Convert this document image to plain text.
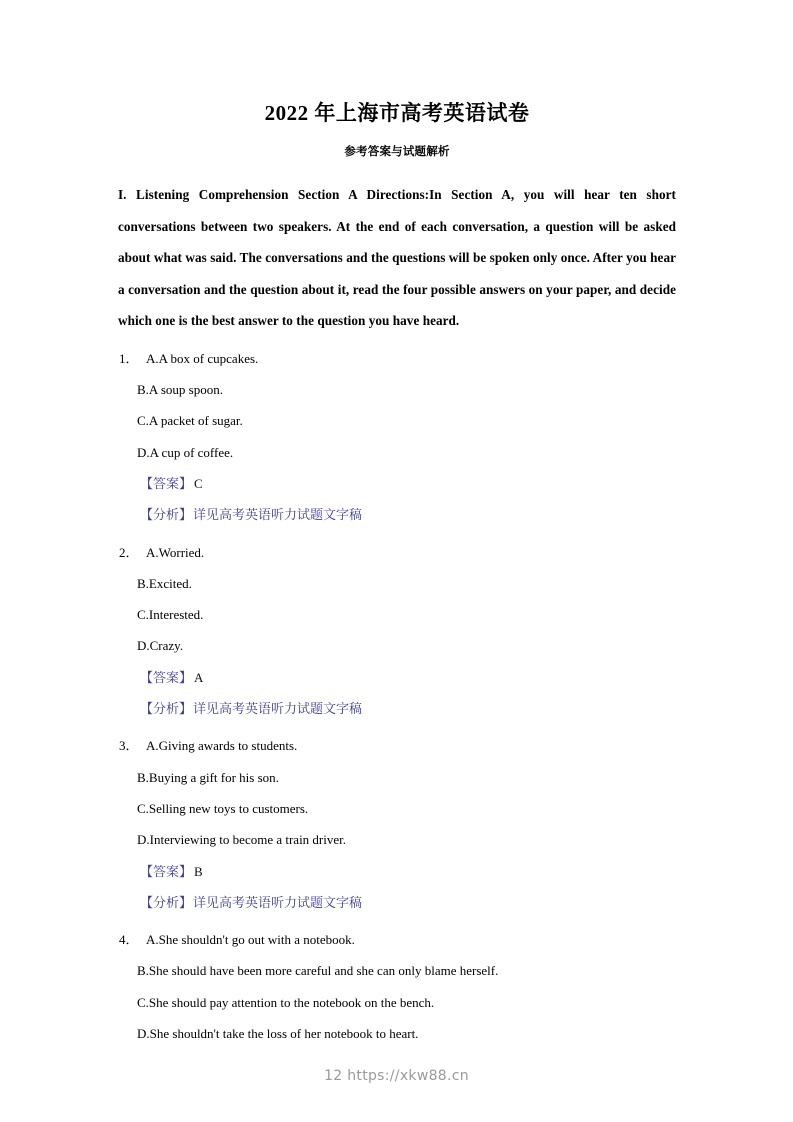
2022 年上海市高考英语试卷
参考答案与试题解析

I. Listening Comprehension Section A Directions:In Section A, you will hear ten short conversations between two speakers. At the end of each conversation, a question will be asked about what was said. The conversations and the questions will be spoken only once. After you hear a conversation and the question about it, read the four possible answers on your paper, and decide which one is the best answer to the question you have heard.

1． A.A box of cupcakes.
B.A soup spoon.
C.A packet of sugar.
D.A cup of coffee.
【答案】 C
【分析】详见高考英语听力试题文字稿
2． A.Worried.
B.Excited.
C.Interested.
D.Crazy.
【答案】 A
【分析】详见高考英语听力试题文字稿
3． A.Giving awards to students.
B.Buying a gift for his son.
C.Selling new toys to customers.
D.Interviewing to become a train driver.
【答案】 B
【分析】详见高考英语听力试题文字稿
4． A.She shouldn't go out with a notebook.
B.She should have been more careful and she can only blame herself.
C.She should pay attention to the notebook on the bench.
D.She shouldn't take the loss of her notebook to heart.
12 https://xkw88.cn
